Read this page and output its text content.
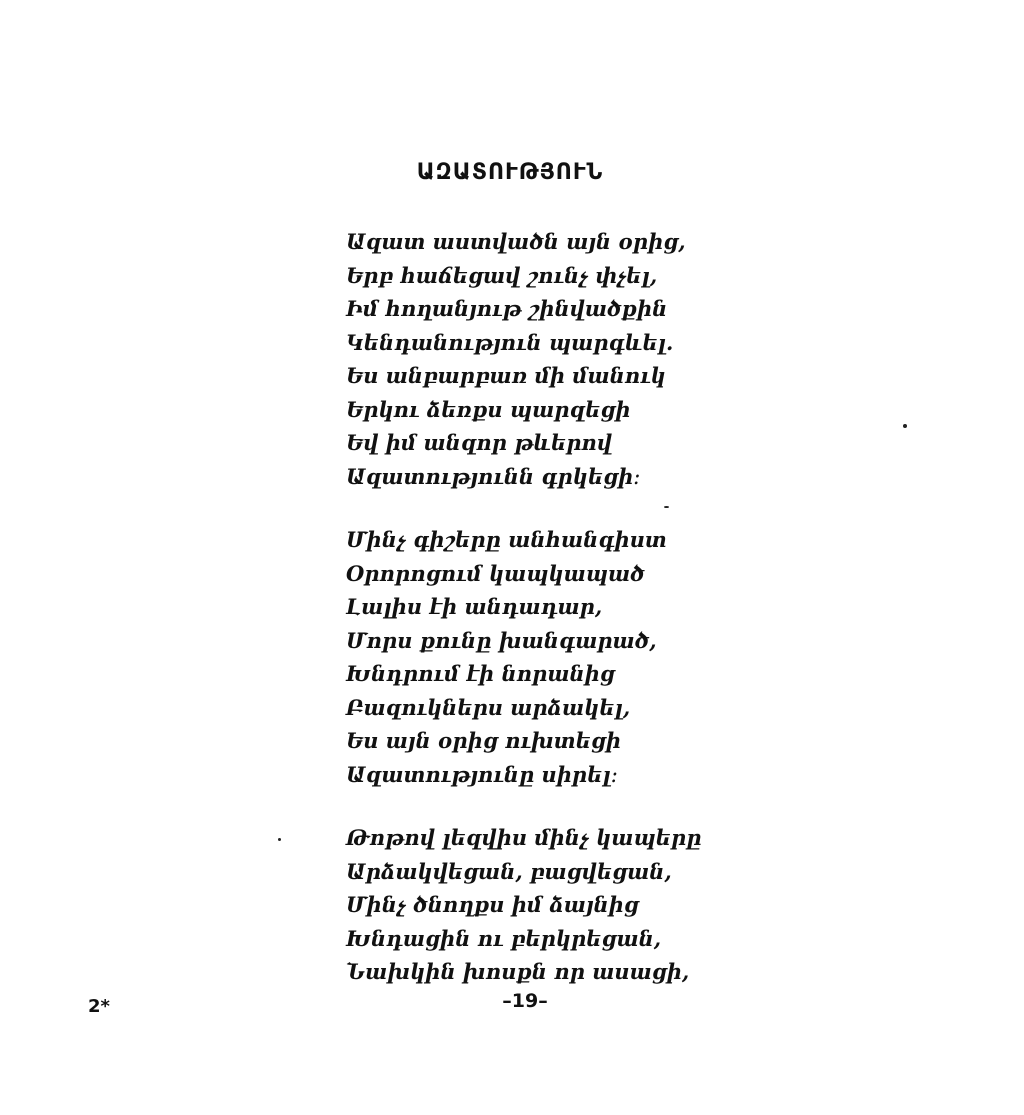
ԱԶԱՏՈՒԹՅՈՒՆ
Ազատ աստվածն այն օրից,
Երբ հաճեցավ շունչ փչել,
Իմ հողանյութ շինվածքին
Կենդանություն պարգևել.
Ես անբարբառ մի մանուկ
Երկու ձեռքս պարզեցի
Եվ իմ անզոր թևերով
Ազատությունն գրկեցի։
Մինչ գիշերը անհանգիստ
Օրորոցում կապկապած
Լալիս էի անդադար,
Մորս քունը խանգարած,
Խնդրում էի նորանից
Բազուկներս արձակել,
Ես այն օրից ուխտեցի
Ազատությունը սիրել։
Թոթով լեզվիս մինչ կապերը
Արձակվեցան, բացվեցան,
Մինչ ծնողքս իմ ձայնից
Խնդացին ու բերկրեցան,
Նախկին խոսքն որ ասացի,
–19–
2*
